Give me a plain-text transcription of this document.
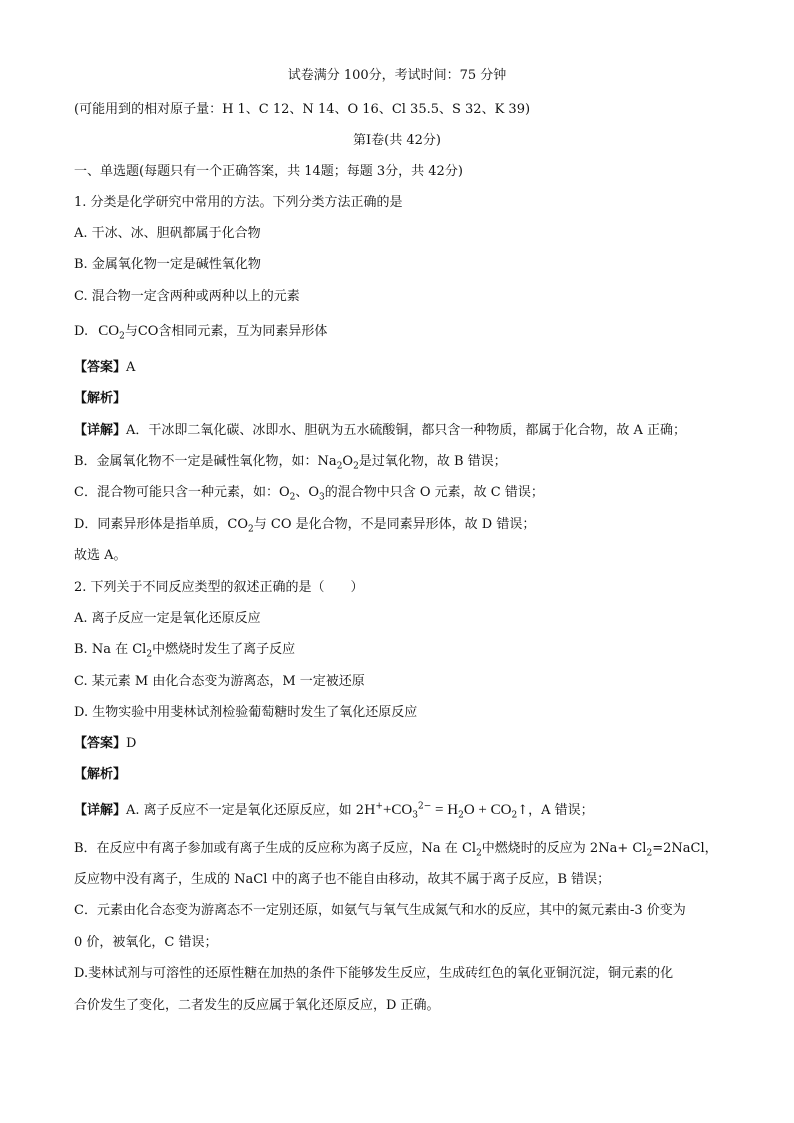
试卷满分 100分，考试时间：75 分钟
(可能用到的相对原子量：H 1、C 12、N 14、O 16、Cl 35.5、S 32、K 39)
第Ⅰ卷(共 42分)
一、单选题(每题只有一个正确答案，共 14题；每题 3分，共 42分)
1. 分类是化学研究中常用的方法。下列分类方法正确的是
A. 干冰、冰、胆矾都属于化合物
B. 金属氧化物一定是碱性氧化物
C. 混合物一定含两种或两种以上的元素
D. $CO_2$与CO含相同元素，互为同素异形体
【答案】A
【解析】
【详解】A．干冰即二氧化碳、冰即水、胆矾为五水硫酸铜，都只含一种物质，都属于化合物，故 A 正确；
B．金属氧化物不一定是碱性氧化物，如：$Na_2O_2$是过氧化物，故 B 错误；
C．混合物可能只含一种元素，如：$O_2$、$O_3$的混合物中只含 O 元素，故 C 错误；
D．同素异形体是指单质，$CO_2$与 CO 是化合物，不是同素异形体，故 D 错误；
故选 A。
2. 下列关于不同反应类型的叙述正确的是（　　）
A. 离子反应一定是氧化还原反应
B. Na 在 $Cl_2$中燃烧时发生了离子反应
C. 某元素 M 由化合态变为游离态，M 一定被还原
D. 生物实验中用斐林试剂检验葡萄糖时发生了氧化还原反应
【答案】D
【解析】
【详解】A. 离子反应不一定是氧化还原反应，如 $2H^++CO_3^{2-} = H_2O$ + $CO_2↑$，A 错误；
B．在反应中有离子参加或有离子生成的反应称为离子反应，Na 在 $Cl_2$中燃烧时的反应为 $2Na+ Cl_2=2NaCl$，
反应物中没有离子，生成的 NaCl 中的离子也不能自由移动，故其不属于离子反应，B 错误；
C．元素由化合态变为游离态不一定别还原，如氨气与氧气生成氮气和水的反应，其中的氮元素由-3 价变为
0 价，被氧化，C 错误；
D.斐林试剂与可溶性的还原性糖在加热的条件下能够发生反应，生成砖红色的氧化亚铜沉淀，铜元素的化
合价发生了变化，二者发生的反应属于氧化还原反应，D 正确。
